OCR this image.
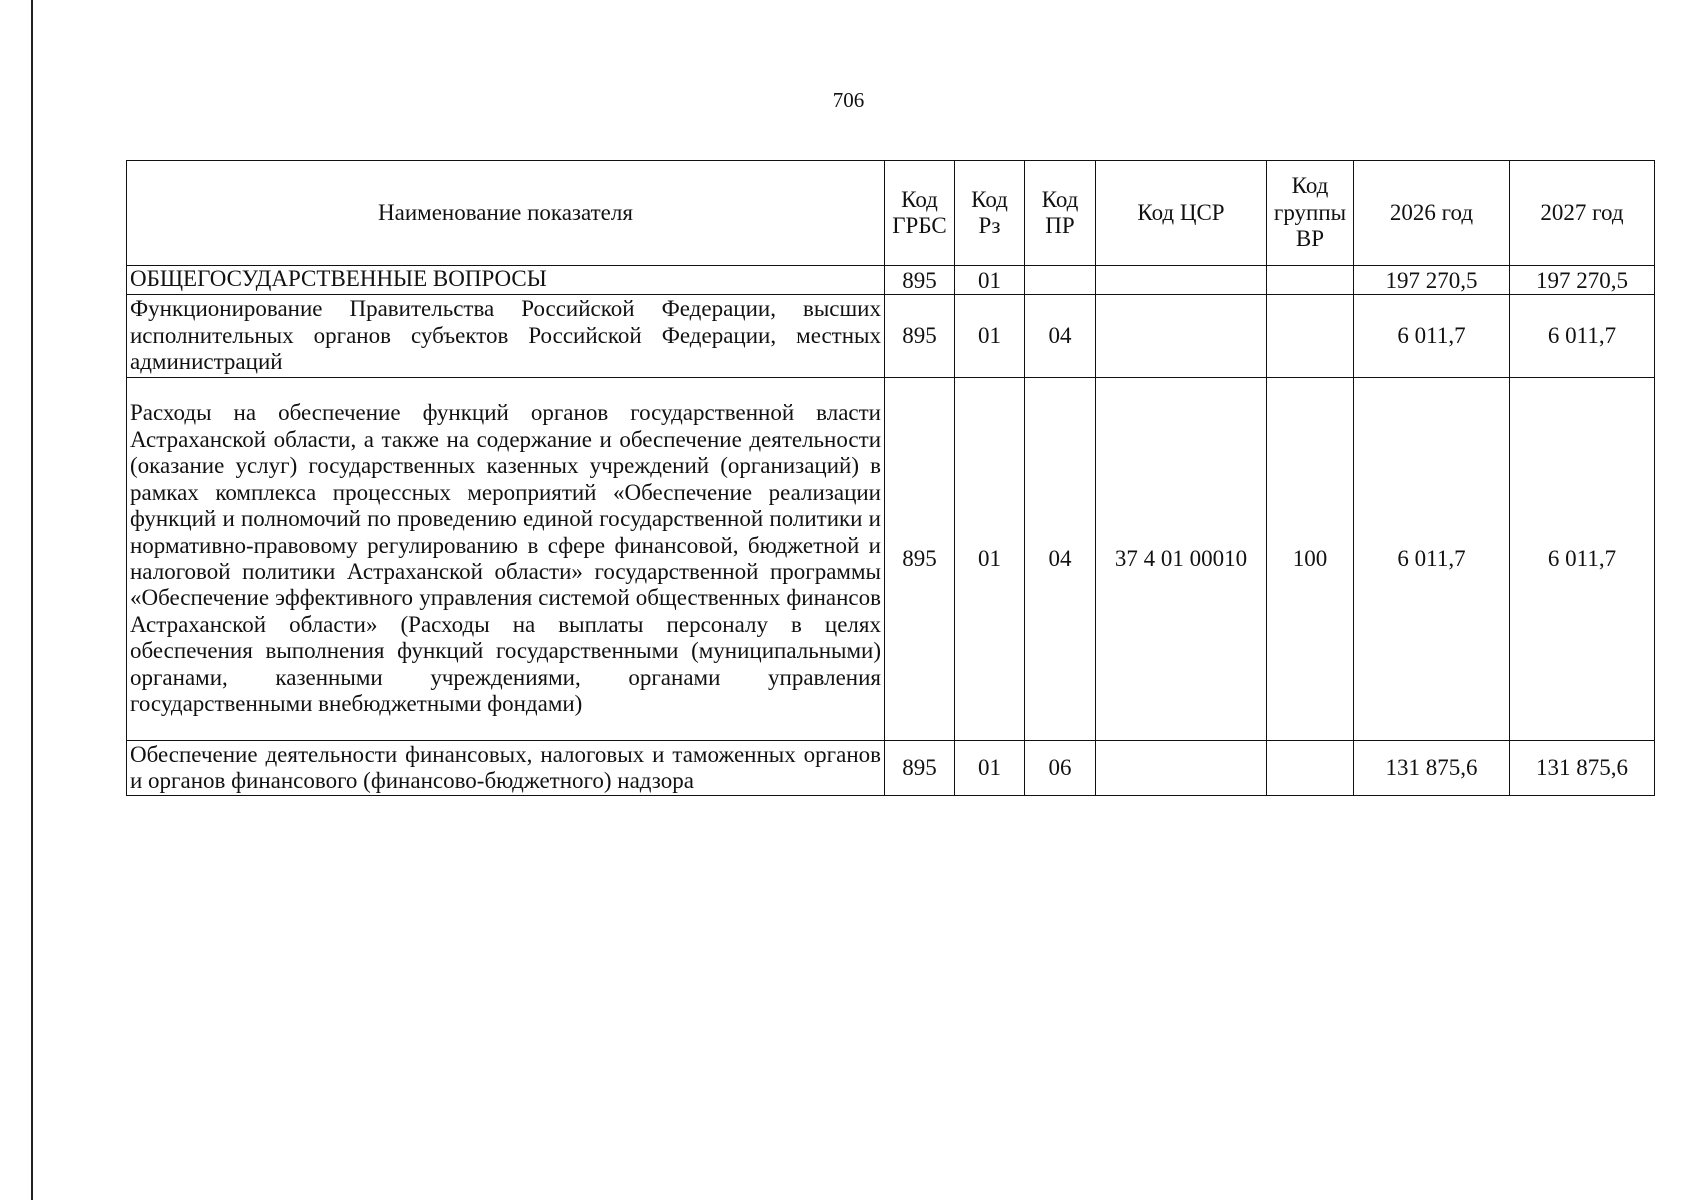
706
Наименование показателя	Код ГРБС	Код Рз	Код ПР	Код ЦСР	Код группы ВР	2026 год	2027 год
ОБЩЕГОСУДАРСТВЕННЫЕ ВОПРОСЫ	895	01				197 270,5	197 270,5
Функционирование Правительства Российской Федерации, высших исполнительных органов субъектов Российской Федерации, местных администраций	895	01	04			6 011,7	6 011,7
Расходы на обеспечение функций органов государственной власти Астраханской области, а также на содержание и обеспечение деятельности (оказание услуг) государственных казенных учреждений (организаций) в рамках комплекса процессных мероприятий «Обеспечение реализации функций и полномочий по проведению единой государственной политики и нормативно-правовому регулированию в сфере финансовой, бюджетной и налоговой политики Астраханской области» государственной программы «Обеспечение эффективного управления системой общественных финансов Астраханской области» (Расходы на выплаты персоналу в целях обеспечения выполнения функций государственными (муниципальными) органами, казенными учреждениями, органами управления государственными внебюджетными фондами)	895	01	04	37 4 01 00010	100	6 011,7	6 011,7
Обеспечение деятельности финансовых, налоговых и таможенных органов и органов финансового (финансово-бюджетного) надзора	895	01	06			131 875,6	131 875,6
